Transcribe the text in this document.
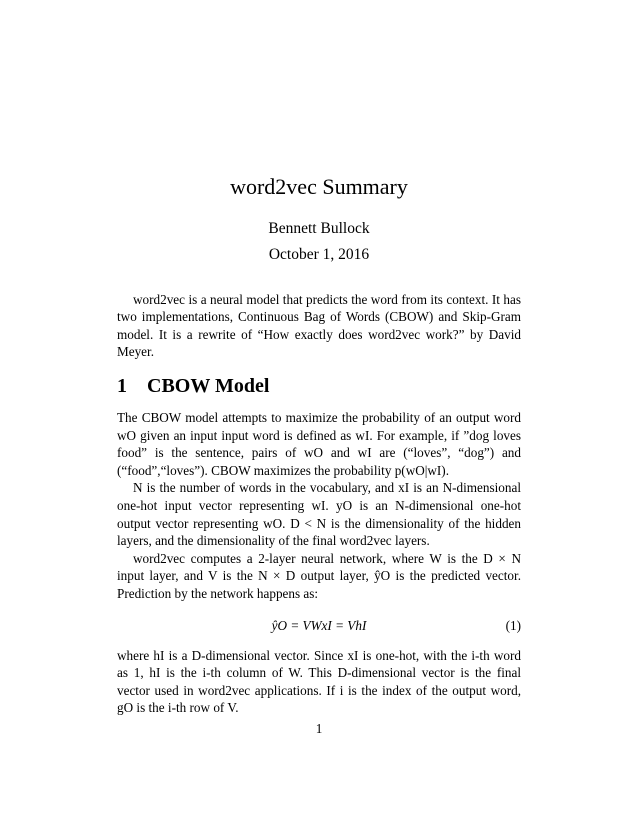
word2vec Summary
Bennett Bullock
October 1, 2016
word2vec is a neural model that predicts the word from its context. It has two implementations, Continuous Bag of Words (CBOW) and Skip-Gram model. It is a rewrite of “How exactly does word2vec work?” by David Meyer.
1 CBOW Model

The CBOW model attempts to maximize the probability of an output word wO given an input input word is defined as wI. For example, if ”dog loves food” is the sentence, pairs of wO and wI are (“loves”, “dog”) and (“food”,“loves”). CBOW maximizes the probability p(wO|wI).

N is the number of words in the vocabulary, and xI is an N-dimensional one-hot input vector representing wI. yO is an N-dimensional one-hot output vector representing wO. D < N is the dimensionality of the hidden layers, and the dimensionality of the final word2vec layers.

word2vec computes a 2-layer neural network, where W is the D × N input layer, and V is the N × D output layer, ŷO is the predicted vector. Prediction by the network happens as:

ŷO = VWxI = VhI	(1)

where hI is a D-dimensional vector. Since xI is one-hot, with the i-th word as 1, hI is the i-th column of W. This D-dimensional vector is the final vector used in word2vec applications. If i is the index of the output word, gO is the i-th row of V.

1
